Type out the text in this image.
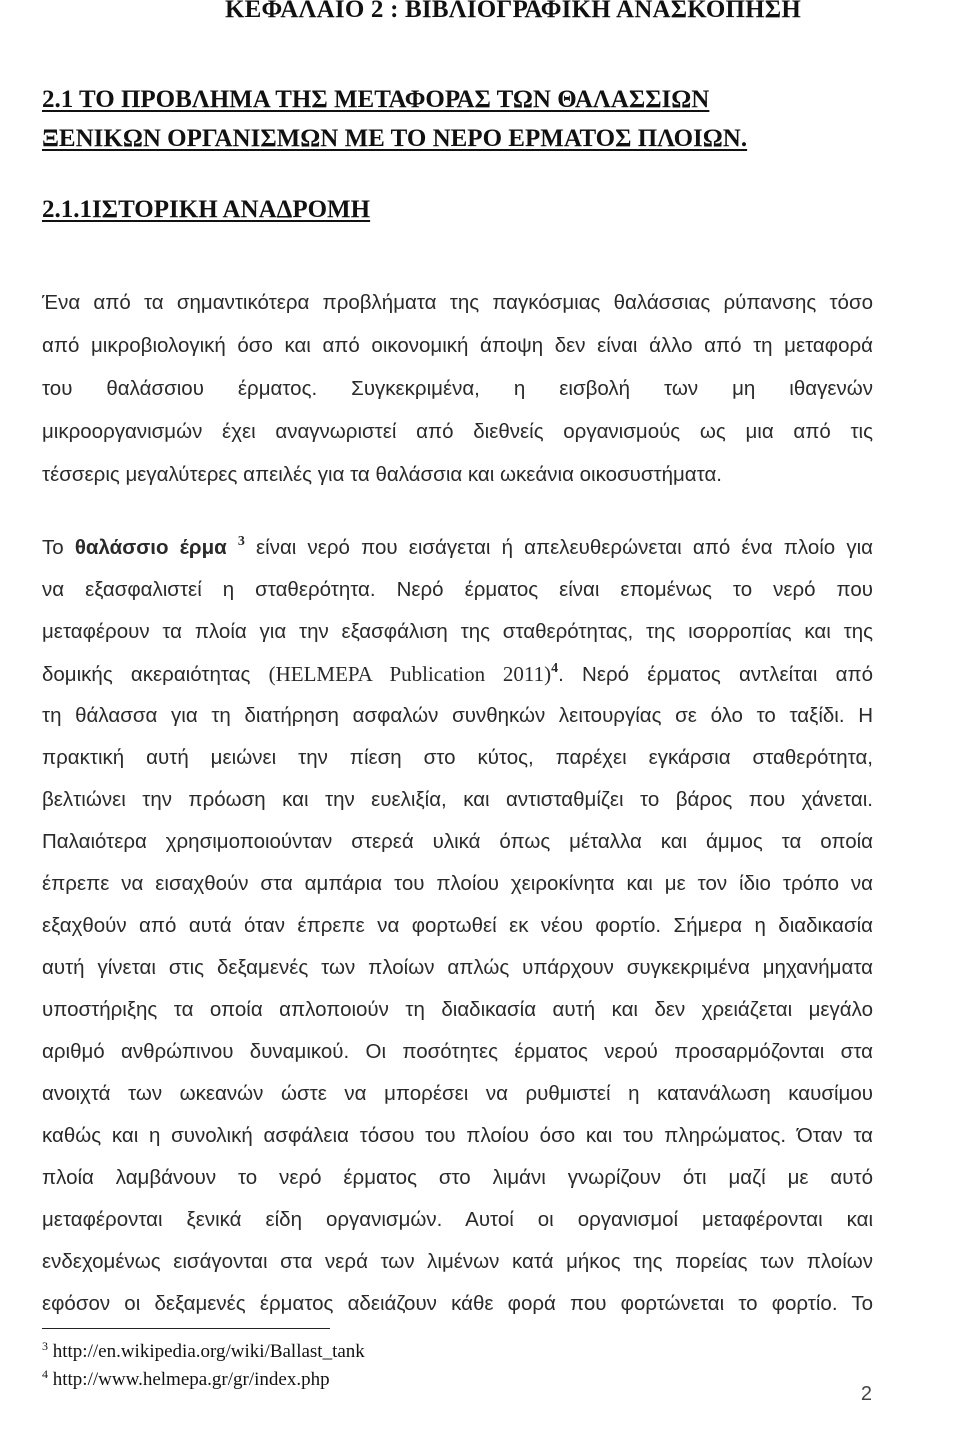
ΚΕΦΑΛΑΙΟ 2 : ΒΙΒΛΙΟΓΡΑΦΙΚΗ ΑΝΑΣΚΟΠΗΣΗ
2.1 ΤΟ ΠΡΟΒΛΗΜΑ ΤΗΣ ΜΕΤΑΦΟΡΑΣ ΤΩΝ ΘΑΛΑΣΣΙΩΝ
ΞΕΝΙΚΩΝ ΟΡΓΑΝΙΣΜΩΝ ΜΕ ΤΟ ΝΕΡΟ ΕΡΜΑΤΟΣ ΠΛΟΙΩΝ.
2.1.1ΙΣΤΟΡΙΚΗ ΑΝΑΔΡΟΜΗ
Ένα από τα σημαντικότερα προβλήματα της παγκόσμιας θαλάσσιας ρύπανσης τόσο
από μικροβιολογική όσο και από οικονομική άποψη δεν είναι άλλο από τη μεταφορά
του θαλάσσιου έρματος. Συγκεκριμένα, η εισβολή των μη ιθαγενών
μικροοργανισμών έχει αναγνωριστεί από διεθνείς οργανισμούς ως μια από τις
τέσσερις μεγαλύτερες απειλές για τα θαλάσσια και ωκεάνια οικοσυστήματα.
Το θαλάσσιο έρμα $^3$ είναι νερό που εισάγεται ή απελευθερώνεται από ένα πλοίο για
να εξασφαλιστεί η σταθερότητα. Νερό έρματος είναι επομένως το νερό που
μεταφέρουν τα πλοία για την εξασφάλιση της σταθερότητας, της ισορροπίας και της
δομικής ακεραιότητας (HELMEPA Publication 2011)$^4$. Νερό έρματος αντλείται από
τη θάλασσα για τη διατήρηση ασφαλών συνθηκών λειτουργίας σε όλο το ταξίδι. Η
πρακτική αυτή μειώνει την πίεση στο κύτος, παρέχει εγκάρσια σταθερότητα,
βελτιώνει την πρόωση και την ευελιξία, και αντισταθμίζει το βάρος που χάνεται.
Παλαιότερα χρησιμοποιούνταν στερεά υλικά όπως μέταλλα και άμμος τα οποία
έπρεπε να εισαχθούν στα αμπάρια του πλοίου χειροκίνητα και με τον ίδιο τρόπο να
εξαχθούν από αυτά όταν έπρεπε να φορτωθεί εκ νέου φορτίο. Σήμερα η διαδικασία
αυτή γίνεται στις δεξαμενές των πλοίων απλώς υπάρχουν συγκεκριμένα μηχανήματα
υποστήριξης τα οποία απλοποιούν τη διαδικασία αυτή και δεν χρειάζεται μεγάλο
αριθμό ανθρώπινου δυναμικού. Οι ποσότητες έρματος νερού προσαρμόζονται στα
ανοιχτά των ωκεανών ώστε να μπορέσει να ρυθμιστεί η κατανάλωση καυσίμου
καθώς και η συνολική ασφάλεια τόσου του πλοίου όσο και του πληρώματος. Όταν τα
πλοία λαμβάνουν το νερό έρματος στο λιμάνι γνωρίζουν ότι μαζί με αυτό
μεταφέρονται ξενικά είδη οργανισμών. Αυτοί οι οργανισμοί μεταφέρονται και
ενδεχομένως εισάγονται στα νερά των λιμένων κατά μήκος της πορείας των πλοίων
εφόσον οι δεξαμενές έρματος αδειάζουν κάθε φορά που φορτώνεται το φορτίο. Το
$^3$ http://en.wikipedia.org/wiki/Ballast_tank
$^4$ http://www.helmepa.gr/gr/index.php

2
